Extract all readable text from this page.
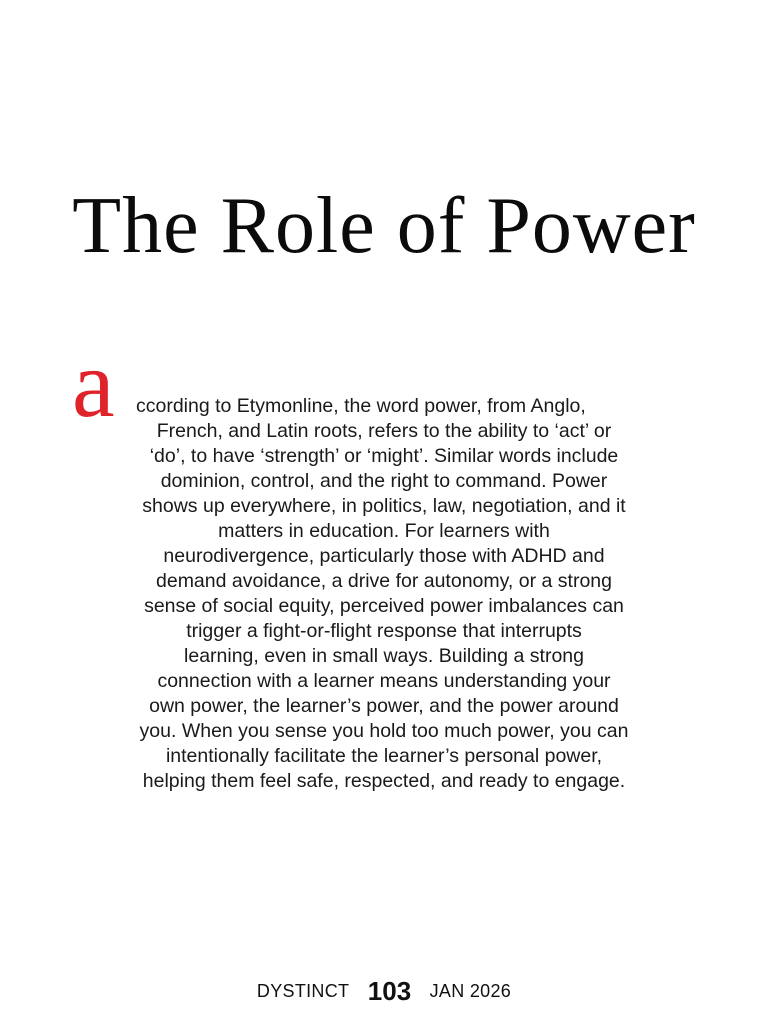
The Role of Power
a	ccording to Etymonline, the word power, from Anglo,
French, and Latin roots, refers to the ability to ‘act’ or
‘do’, to have ‘strength’ or ‘might’. Similar words include
dominion, control, and the right to command. Power
shows up everywhere, in politics, law, negotiation, and it
matters in education. For learners with
neurodivergence, particularly those with ADHD and
demand avoidance, a drive for autonomy, or a strong
sense of social equity, perceived power imbalances can
trigger a fight-or-flight response that interrupts
learning, even in small ways. Building a strong
connection with a learner means understanding your
own power, the learner’s power, and the power around
you. When you sense you hold too much power, you can
intentionally facilitate the learner’s personal power,
helping them feel safe, respected, and ready to engage.
DYSTINCT 103 JAN 2026
